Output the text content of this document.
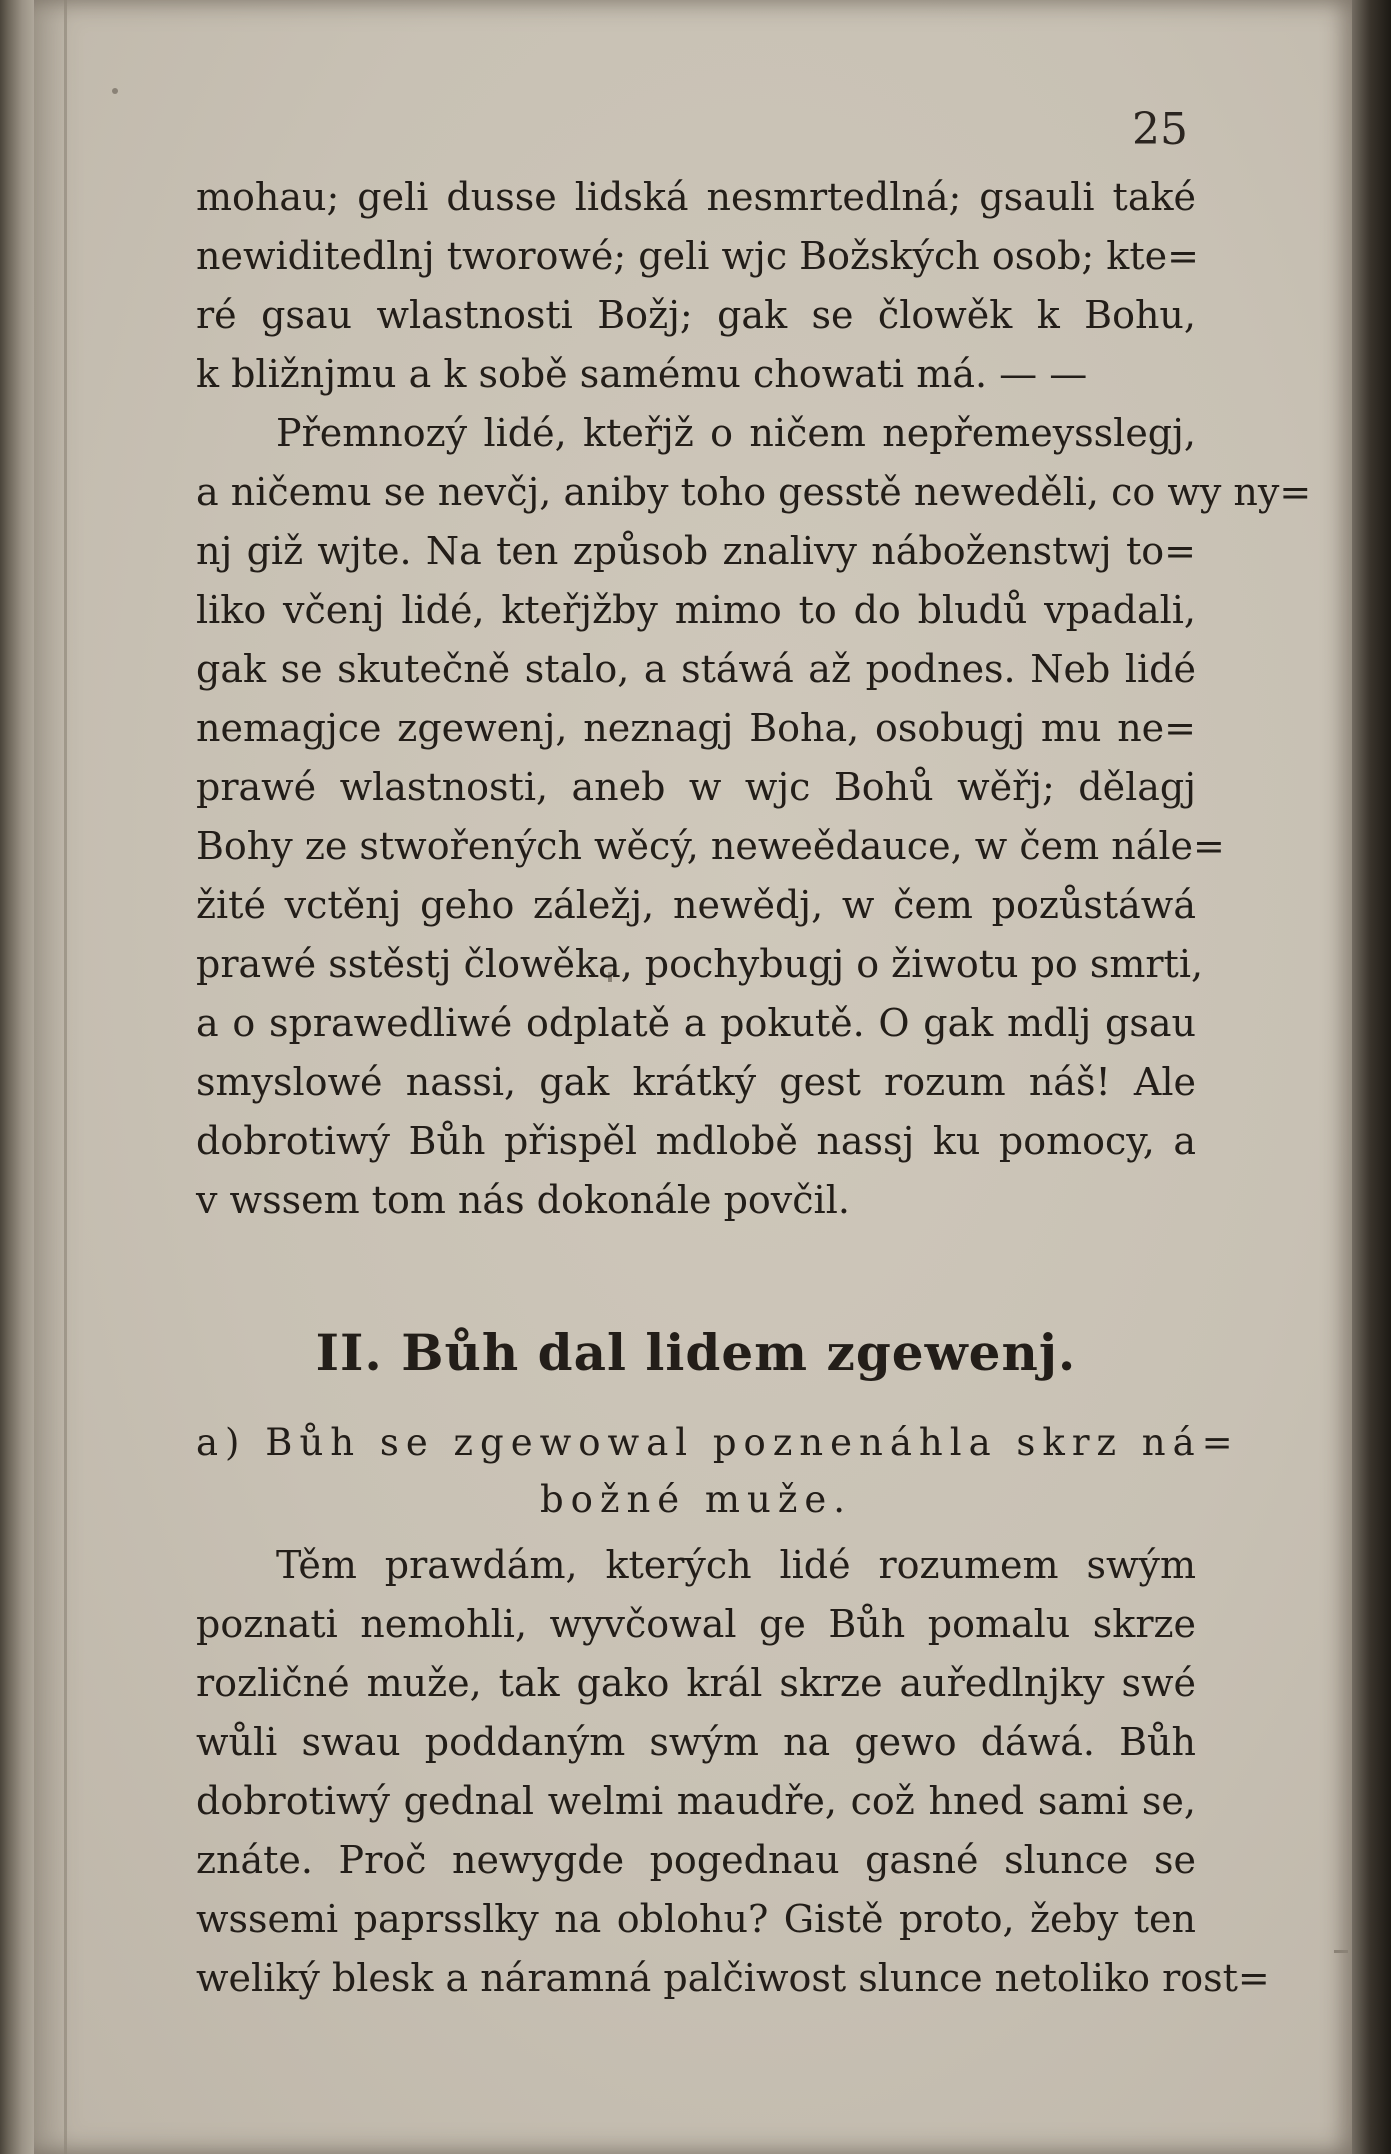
25
mohau; geli dusse lidská nesmrtedlná; gsauli také
newiditedlnj tworowé; geli wjc Božských osob; kte=
ré gsau wlastnosti Božj; gak se člowěk k Bohu,
k bližnjmu a k sobě samému chowati má. — —
Přemnozý lidé, kteřjž o ničem nepřemeysslegj,
a ničemu se nevčj, aniby toho gesstě neweděli, co wy ny=
nj giž wjte. Na ten způsob znalivy náboženstwj to=
liko včenj lidé, kteřjžby mimo to do bludů vpadali,
gak se skutečně stalo, a stáwá až podnes. Neb lidé
nemagjce zgewenj, neznagj Boha, osobugj mu ne=
prawé wlastnosti, aneb w wjc Bohů wěřj; dělagj
Bohy ze stwořených wěcý, neweědauce, w čem nále=
žité vctěnj geho záležj, newědj, w čem pozůstáwá
prawé sstěstj člowěka, pochybugj o žiwotu po smrti,
a o sprawedliwé odplatě a pokutě. O gak mdlj gsau
smyslowé nassi, gak krátký gest rozum náš! Ale
dobrotiwý Bůh přispěl mdlobě nassj ku pomocy, a
v wssem tom nás dokonále povčil.
II. Bůh dal lidem zgewenj.
a) Bůh se zgewowal poznenáhla skrz ná=
božné muže.
Těm prawdám, kterých lidé rozumem swým
poznati nemohli, wyvčowal ge Bůh pomalu skrze
rozličné muže, tak gako král skrze auředlnjky swé
wůli swau poddaným swým na gewo dáwá. Bůh
dobrotiwý gednal welmi maudře, což hned sami se,
znáte. Proč newygde pogednau gasné slunce se
wssemi paprsslky na oblohu? Gistě proto, žeby ten
weliký blesk a náramná palčiwost slunce netoliko rost=
